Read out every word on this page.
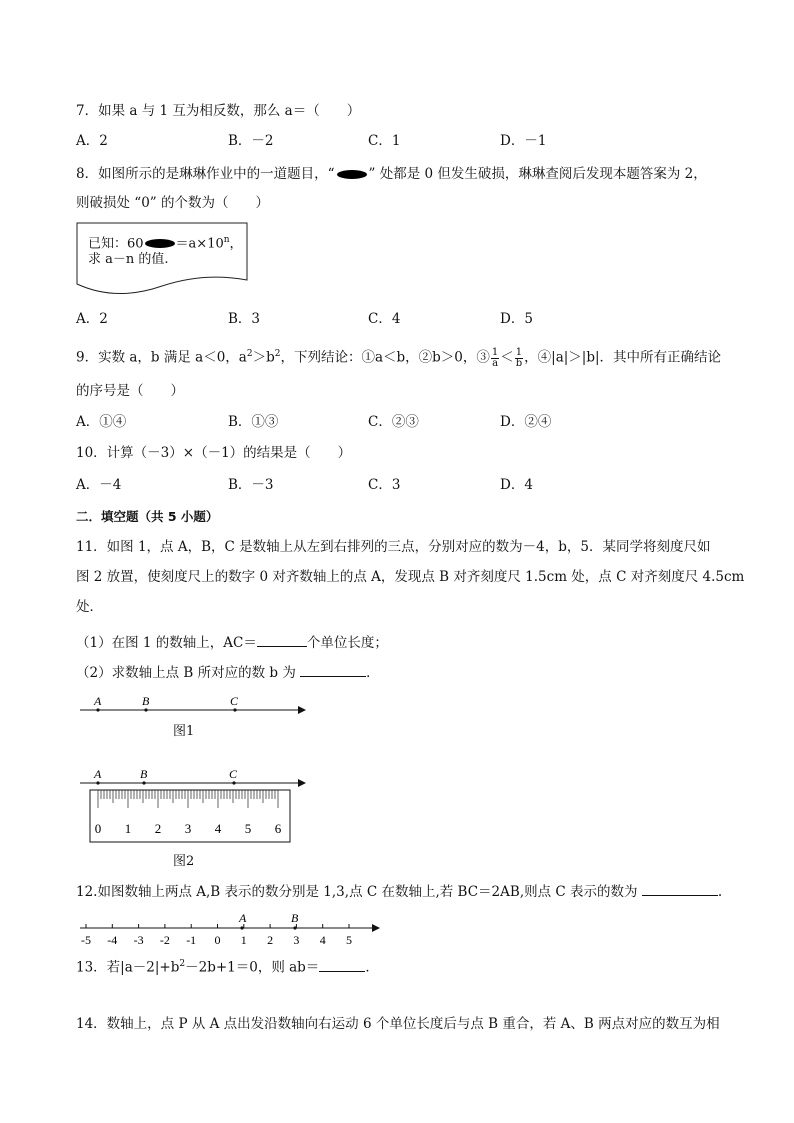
7．如果 a 与 1 互为相反数，那么 a＝（　　）
A．2	B．－2	C．1	D．－1
8．如图所示的是琳琳作业中的一道题目，“	” 处都是 0 但发生破损，琳琳查阅后发现本题答案为 2，
则破损处 “0” 的个数为（　　）
已知：$60 =a\times 10^n$，
求 a－n 的值.
A．2	B．3	C．4	D．5
9．实数 a，b 满足 a＜0，$a^2>b^2$，下列结论：①a＜b，②b＞0，③ $\frac{1}{a} < \frac{1}{b}$ ，④|a|＞|b|．其中所有正确结论
的序号是（　　）
A．①④	B．①③	C．②③	D．②④
10．计算（－3）×（－1）的结果是（　　）
A．－4	B．－3	C．3	D．4
二．填空题（共 5 小题）
11．如图 1，点 A，B，C 是数轴上从左到右排列的三点，分别对应的数为－4，b，5．某同学将刻度尺如
图 2 放置，使刻度尺上的数字 0 对齐数轴上的点 A，发现点 B 对齐刻度尺 1.5cm 处，点 C 对齐刻度尺 4.5cm
处．
（1）在图 1 的数轴上，AC＝	个单位长度；
（2）求数轴上点 B 所对应的数 b 为	．
A	B	C
图1
A	B	C
0 1 2 3 4 5 6
图2
12.如图数轴上两点 A,B 表示的数分别是 1,3,点 C 在数轴上,若 BC＝2AB,则点 C 表示的数为	.
-5 -4 -3 -2 -1 0 1 2 3 4 5
A	B
13．若$|a-2|+b^2-2b+1=0$，则 ab＝	．
14．数轴上，点 P 从 A 点出发沿数轴向右运动 6 个单位长度后与点 B 重合，若 A、B 两点对应的数互为相
